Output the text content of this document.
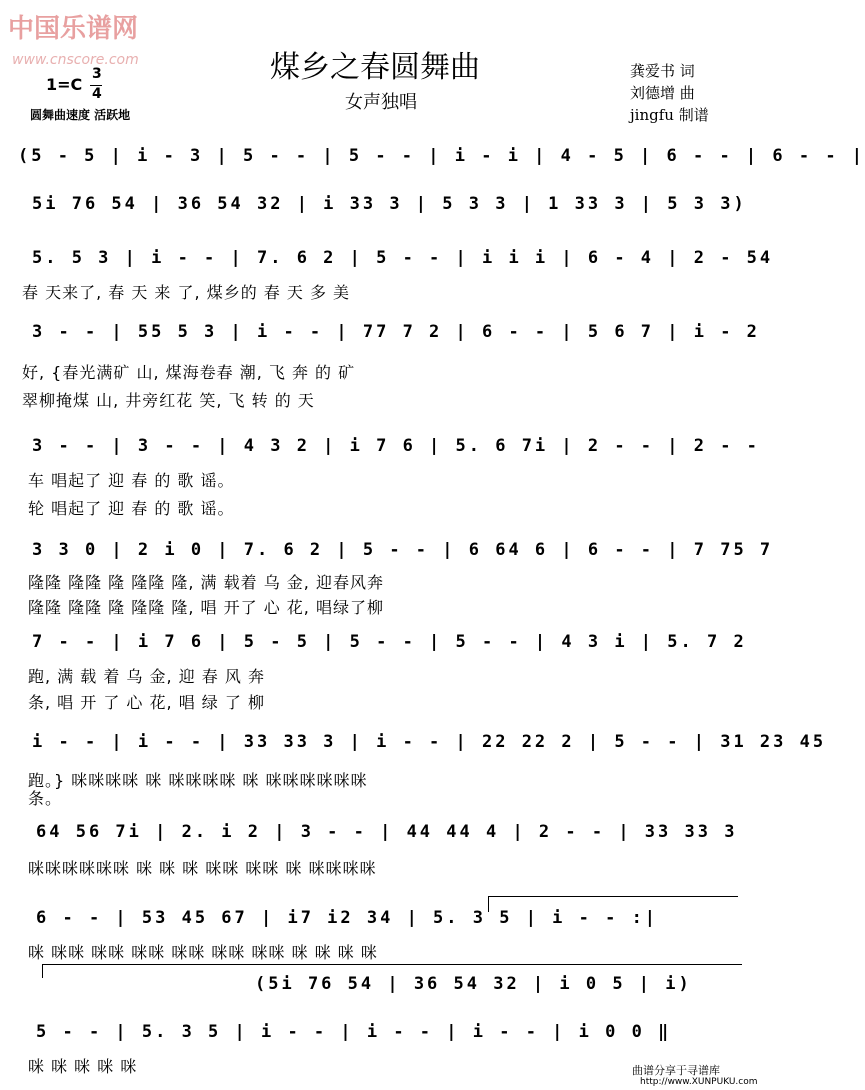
中国乐谱网
www.cnscore.com	煤乡之春圆舞曲
女声独唱
1=C
3
4
圆舞曲速度 活跃地
龚爱书 词
刘德增 曲
jingfu 制谱
(5 - 5 | i - 3 | 5 - - | 5 - - | i - i | 4 - 5 | 6 - - | 6 - - |
5i 76 54 | 36 54 32 | i 33 3 | 5 3 3 | 1 33 3 | 5 3 3)
5. 5 3 | i - - | 7. 6 2 | 5 - - | i i i | 6 - 4 | 2 - 54
春 天来了, 春 天 来 了, 煤乡的 春 天 多 美
3 - - | 55 5 3 | i - - | 77 7 2 | 6 - - | 5 6 7 | i - 2
好, {春光满矿 山, 煤海卷春 潮, 飞 奔 的 矿
翠柳掩煤 山, 井旁红花 笑, 飞 转 的 天
3 - - | 3 - - | 4 3 2 | i 7 6 | 5. 6 7i | 2 - - | 2 - -
车 唱起了 迎 春 的 歌 谣。
轮 唱起了 迎 春 的 歌 谣。
3 3 0 | 2 i 0 | 7. 6 2 | 5 - - | 6 64 6 | 6 - - | 7 75 7
隆隆 隆隆 隆 隆隆 隆, 满 载着 乌 金, 迎春风奔
隆隆 隆隆 隆 隆隆 隆, 唱 开了 心 花, 唱绿了柳
7 - - | i 7 6 | 5 - 5 | 5 - - | 5 - - | 4 3 i | 5. 7 2
跑, 满 载 着 乌 金, 迎 春 风 奔
条, 唱 开 了 心 花, 唱 绿 了 柳
i - - | i - - | 33 33 3 | i - - | 22 22 2 | 5 - - | 31 23 45
跑。} 咪咪咪咪 咪 咪咪咪咪 咪 咪咪咪咪咪咪
条。
64 56 7i | 2. i 2 | 3 - - | 44 44 4 | 2 - - | 33 33 3
咪咪咪咪咪咪 咪 咪 咪 咪咪 咪咪 咪 咪咪咪咪
6 - - | 53 45 67 | i7 i2 34 | 5. 3 5 | i - - :|
咪 咪咪 咪咪 咪咪 咪咪 咪咪 咪咪 咪 咪 咪 咪
(5i 76 54 | 36 54 32 | i 0 5 | i)
5 - - | 5. 3 5 | i - - | i - - | i - - | i 0 0 ‖
咪 咪 咪 咪 咪	曲谱分享于寻谱库
http://www.XUNPUKU.com
